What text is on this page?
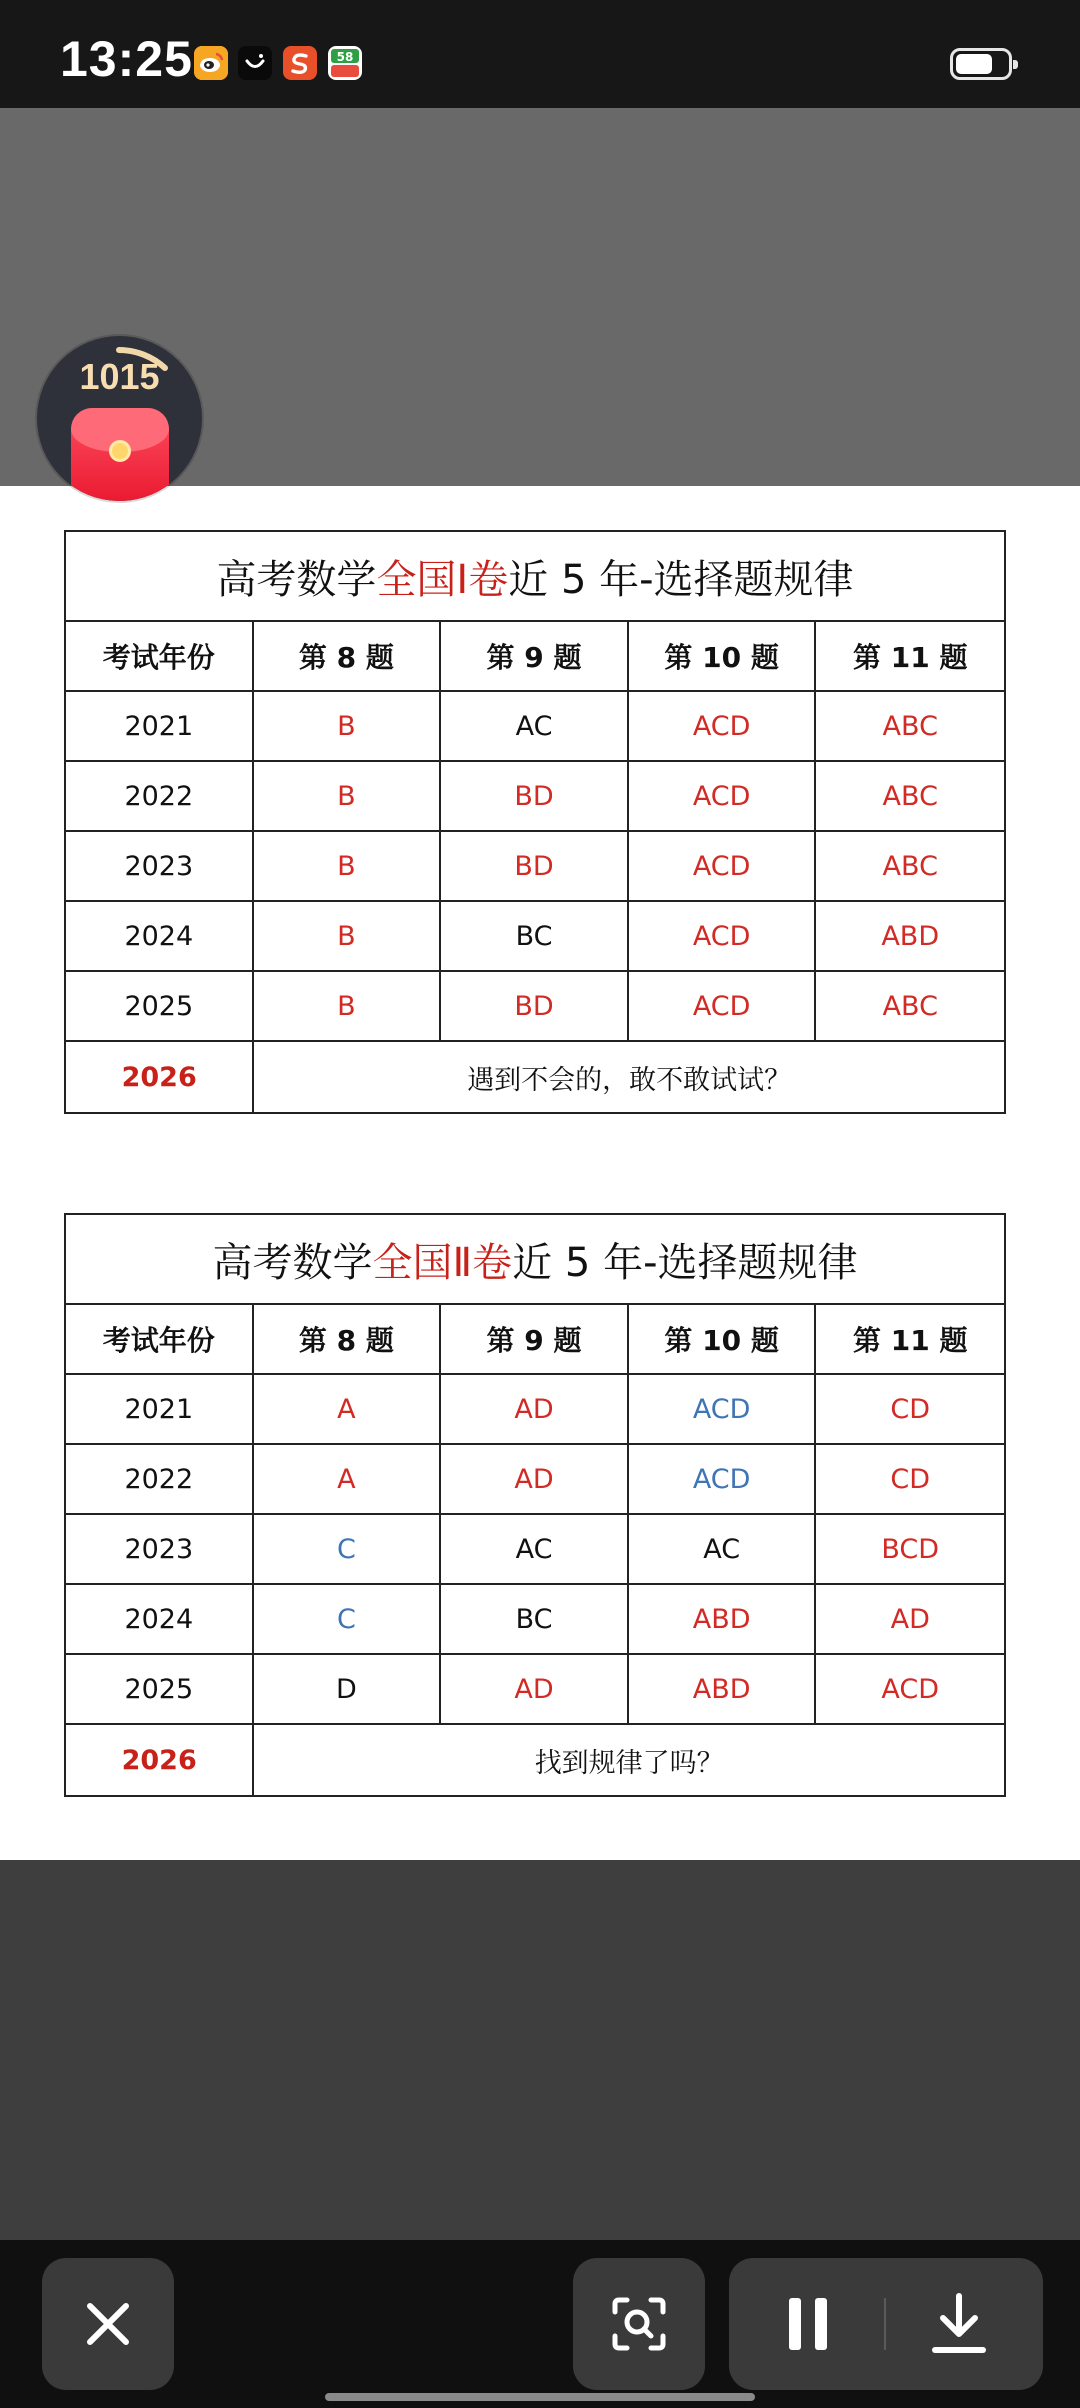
13:25	58
1015
高考数学 全国Ⅰ卷 近 5 年-选择题规律
考试年份	第 8 题	第 9 题	第 10 题	第 11 题
2021	B	AC	ACD	ABC
2022	B	BD	ACD	ABC
2023	B	BD	ACD	ABC
2024	B	BC	ACD	ABD
2025	B	BD	ACD	ABC
2026	遇到不会的，敢不敢试试？
高考数学 全国Ⅱ卷 近 5 年-选择题规律
考试年份	第 8 题	第 9 题	第 10 题	第 11 题
2021	A	AD	ACD	CD
2022	A	AD	ACD	CD
2023	C	AC	AC	BCD
2024	C	BC	ABD	AD
2025	D	AD	ABD	ACD
2026	找到规律了吗？
